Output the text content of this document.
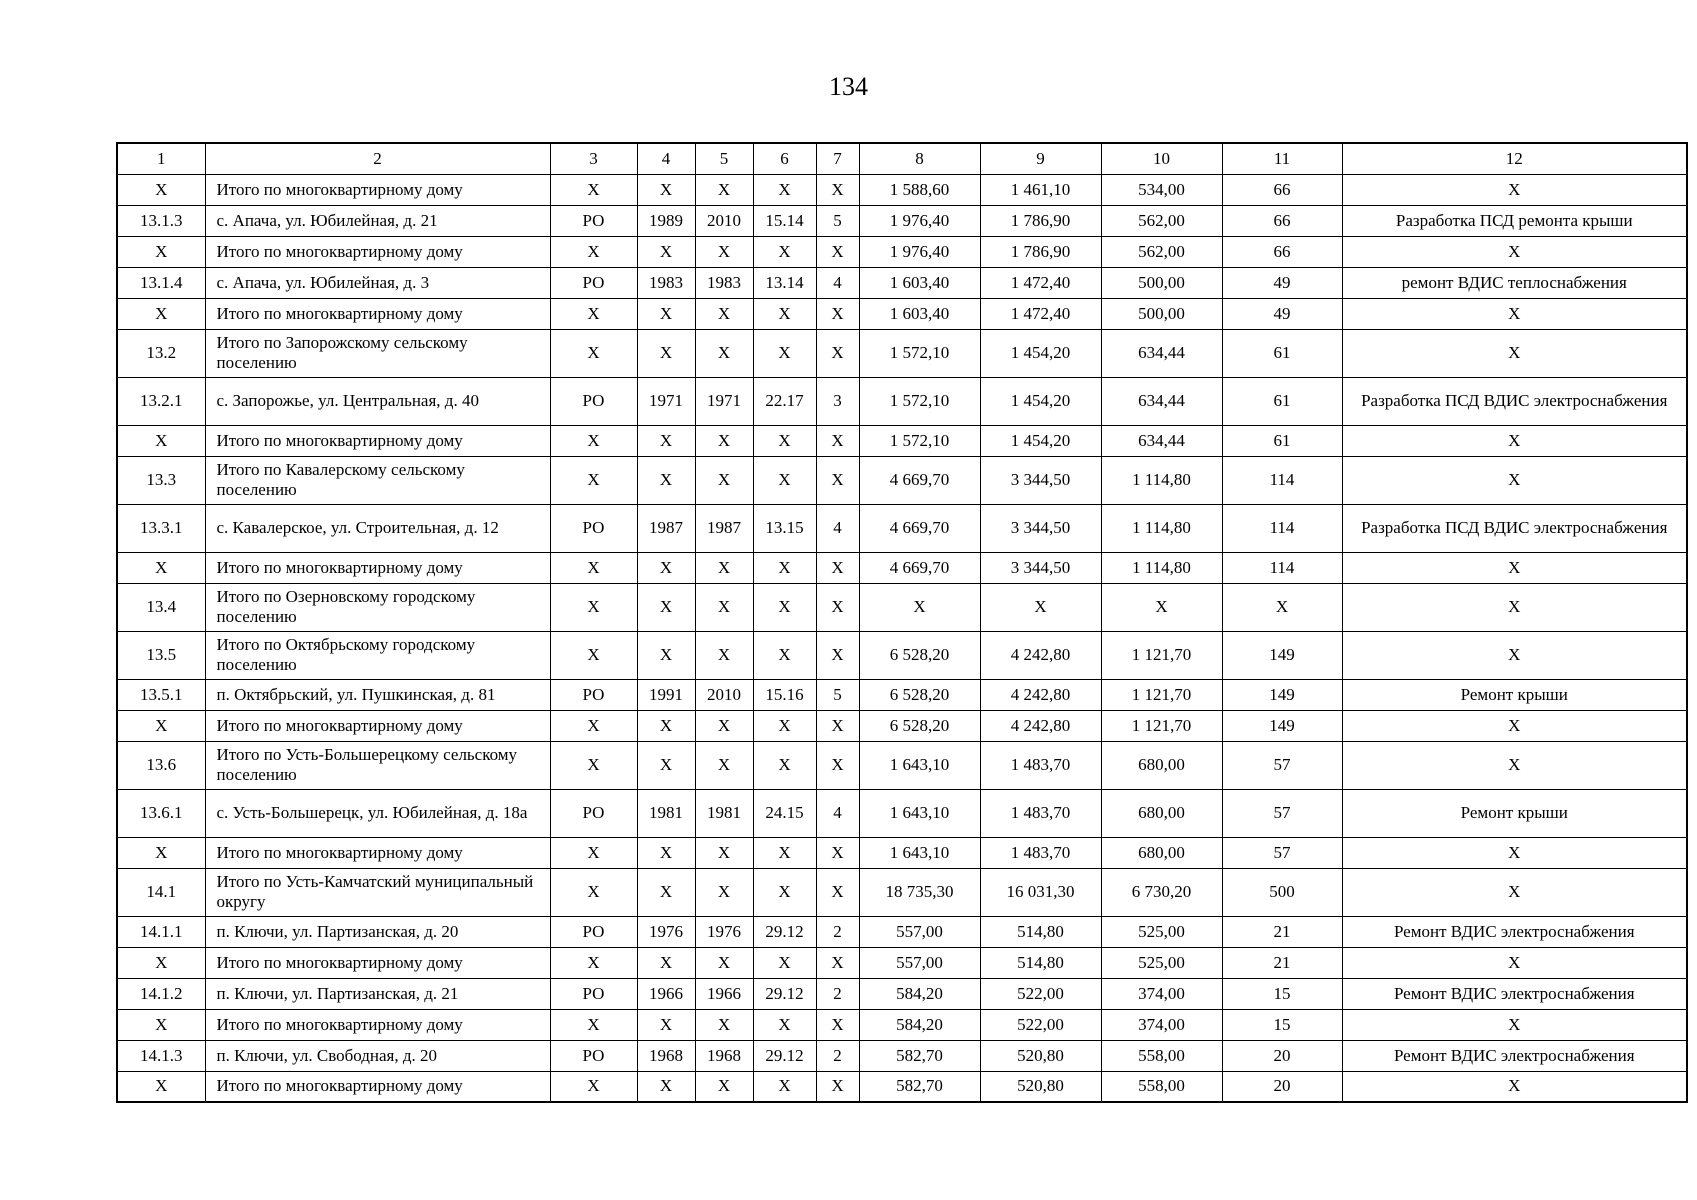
134
1	2	3	4	5	6	7	8	9	10	11	12
X	Итого по многоквартирному дому	X	X	X	X	X	1 588,60	1 461,10	534,00	66	X
13.1.3	с. Апача, ул. Юбилейная, д. 21	РО	1989	2010	15.14	5	1 976,40	1 786,90	562,00	66	Разработка ПСД ремонта крыши
X	Итого по многоквартирному дому	X	X	X	X	X	1 976,40	1 786,90	562,00	66	X
13.1.4	с. Апача, ул. Юбилейная, д. 3	РО	1983	1983	13.14	4	1 603,40	1 472,40	500,00	49	ремонт ВДИС теплоснабжения
X	Итого по многоквартирному дому	X	X	X	X	X	1 603,40	1 472,40	500,00	49	X
13.2	Итого по Запорожскому сельскому поселению	X	X	X	X	X	1 572,10	1 454,20	634,44	61	X
13.2.1	с. Запорожье, ул. Центральная, д. 40	РО	1971	1971	22.17	3	1 572,10	1 454,20	634,44	61	Разработка ПСД ВДИС электроснабжения
X	Итого по многоквартирному дому	X	X	X	X	X	1 572,10	1 454,20	634,44	61	X
13.3	Итого по Кавалерскому сельскому поселению	X	X	X	X	X	4 669,70	3 344,50	1 114,80	114	X
13.3.1	с. Кавалерское, ул. Строительная, д. 12	РО	1987	1987	13.15	4	4 669,70	3 344,50	1 114,80	114	Разработка ПСД ВДИС электроснабжения
X	Итого по многоквартирному дому	X	X	X	X	X	4 669,70	3 344,50	1 114,80	114	X
13.4	Итого по Озерновскому городскому поселению	X	X	X	X	X	X	X	X	X	X
13.5	Итого по Октябрьскому городскому поселению	X	X	X	X	X	6 528,20	4 242,80	1 121,70	149	X
13.5.1	п. Октябрьский, ул. Пушкинская, д. 81	РО	1991	2010	15.16	5	6 528,20	4 242,80	1 121,70	149	Ремонт крыши
X	Итого по многоквартирному дому	X	X	X	X	X	6 528,20	4 242,80	1 121,70	149	X
13.6	Итого по Усть-Большерецкому сельскому поселению	X	X	X	X	X	1 643,10	1 483,70	680,00	57	X
13.6.1	с. Усть-Большерецк, ул. Юбилейная, д. 18а	РО	1981	1981	24.15	4	1 643,10	1 483,70	680,00	57	Ремонт крыши
X	Итого по многоквартирному дому	X	X	X	X	X	1 643,10	1 483,70	680,00	57	X
14.1	Итого по Усть-Камчатский муниципальный округу	X	X	X	X	X	18 735,30	16 031,30	6 730,20	500	X
14.1.1	п. Ключи, ул. Партизанская, д. 20	РО	1976	1976	29.12	2	557,00	514,80	525,00	21	Ремонт ВДИС электроснабжения
X	Итого по многоквартирному дому	X	X	X	X	X	557,00	514,80	525,00	21	X
14.1.2	п. Ключи, ул. Партизанская, д. 21	РО	1966	1966	29.12	2	584,20	522,00	374,00	15	Ремонт ВДИС электроснабжения
X	Итого по многоквартирному дому	X	X	X	X	X	584,20	522,00	374,00	15	X
14.1.3	п. Ключи, ул. Свободная, д. 20	РО	1968	1968	29.12	2	582,70	520,80	558,00	20	Ремонт ВДИС электроснабжения
X	Итого по многоквартирному дому	X	X	X	X	X	582,70	520,80	558,00	20	X
